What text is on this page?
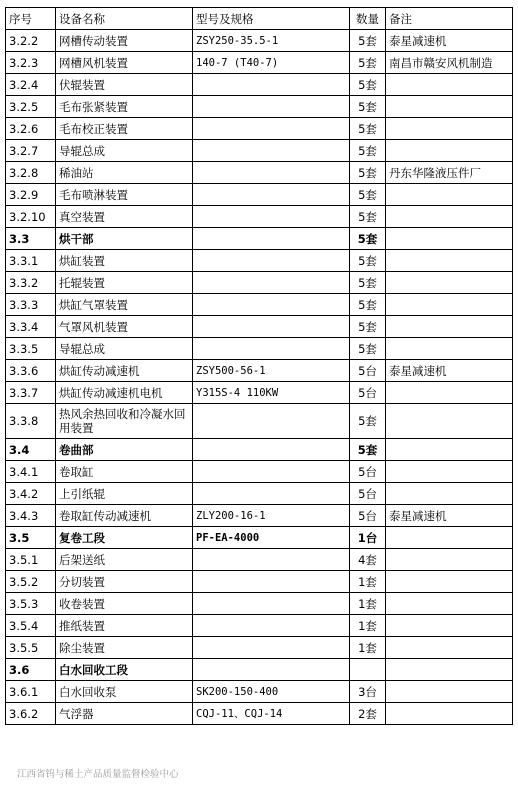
序号	设备名称	型号及规格	数量	备注
3.2.2	网槽传动装置	ZSY250-35.5-1	5套	泰星减速机
3.2.3	网槽风机装置	140-7 (T40-7)	5套	南昌市赣安风机制造
3.2.4	伏辊装置		5套	
3.2.5	毛布张紧装置		5套	
3.2.6	毛布校正装置		5套	
3.2.7	导辊总成		5套	
3.2.8	稀油站		5套	丹东华隆液压件厂
3.2.9	毛布喷淋装置		5套	
3.2.10	真空装置		5套	
3.3	烘干部		5套	
3.3.1	烘缸装置		5套	
3.3.2	托辊装置		5套	
3.3.3	烘缸气罩装置		5套	
3.3.4	气罩风机装置		5套	
3.3.5	导辊总成		5套	
3.3.6	烘缸传动减速机	ZSY500-56-1	5台	泰星减速机
3.3.7	烘缸传动减速机电机	Y315S-4 110KW	5台	
3.3.8	热风余热回收和冷凝水回用装置		5套	
3.4	卷曲部		5套	
3.4.1	卷取缸		5台	
3.4.2	上引纸辊		5台	
3.4.3	卷取缸传动减速机	ZLY200-16-1	5台	泰星减速机
3.5	复卷工段	PF-EA-4000	1台	
3.5.1	后架送纸		4套	
3.5.2	分切装置		1套	
3.5.3	收卷装置		1套	
3.5.4	推纸装置		1套	
3.5.5	除尘装置		1套	
3.6	白水回收工段			
3.6.1	白水回收泵	SK200-150-400	3台	
3.6.2	气浮器	CQJ-11、CQJ-14	2套	
江西省钨与稀土产品质量监督检验中心
